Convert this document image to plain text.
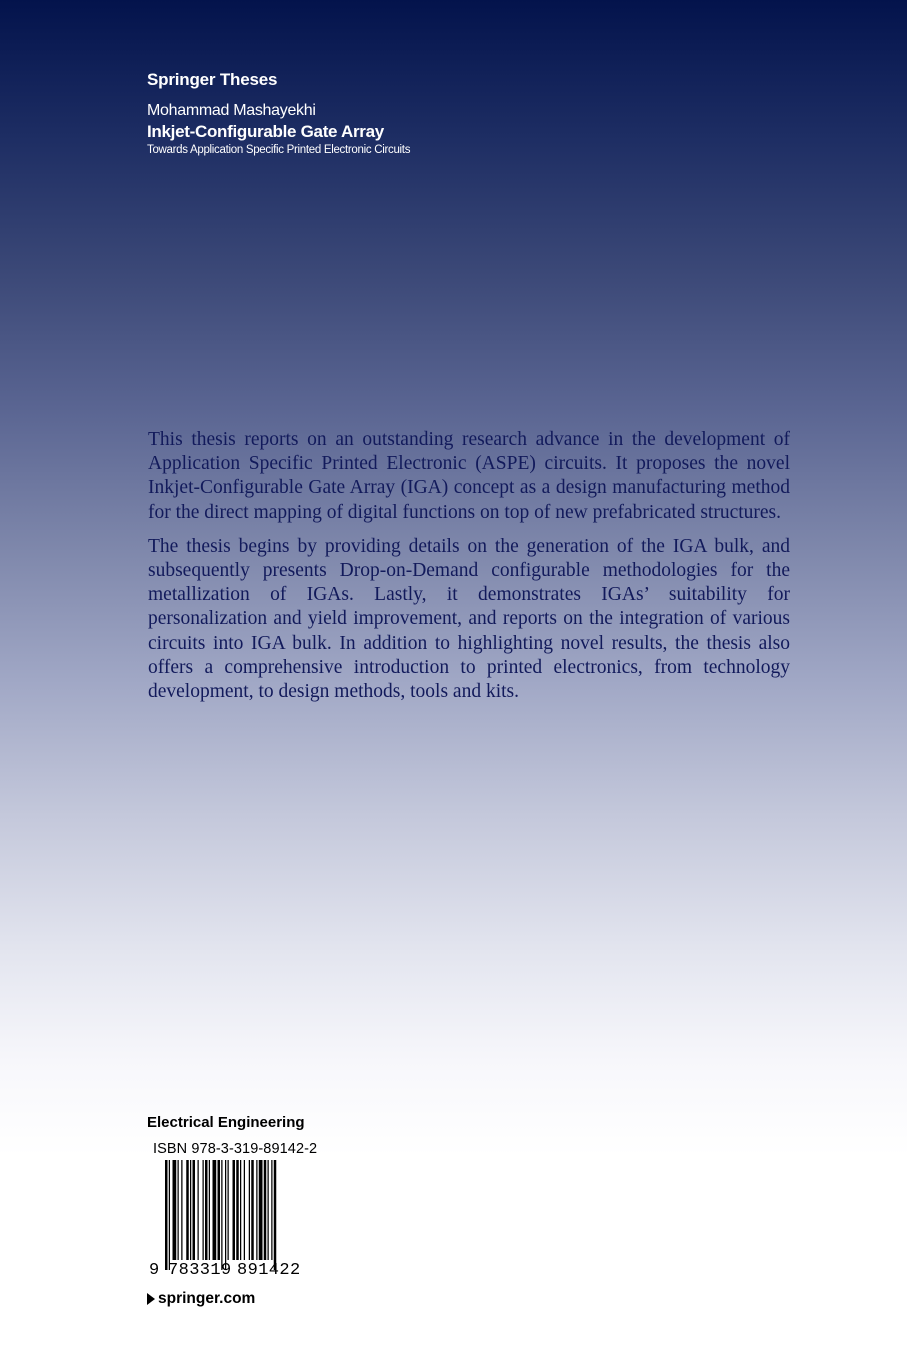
Springer Theses
Mohammad Mashayekhi
Inkjet-Configurable Gate Array
Towards Application Specific Printed Electronic Circuits

This thesis reports on an outstanding research advance in the development of Application Specific Printed Electronic (ASPE) circuits. It proposes the novel Inkjet-Configurable Gate Array (IGA) concept as a design manufacturing method for the direct mapping of digital functions on top of new prefabricated structures.

The thesis begins by providing details on the generation of the IGA bulk, and subsequently presents Drop-on-Demand configurable methodologies for the metallization of IGAs. Lastly, it demonstrates IGAs’ suitability for personalization and yield improvement, and reports on the integration of various circuits into IGA bulk. In addition to highlighting novel results, the thesis also offers a comprehensive introduction to printed electronics, from technology development, to design methods, tools and kits.

Electrical Engineering
ISBN 978-3-319-89142-2
9 783319 891422
springer.com
